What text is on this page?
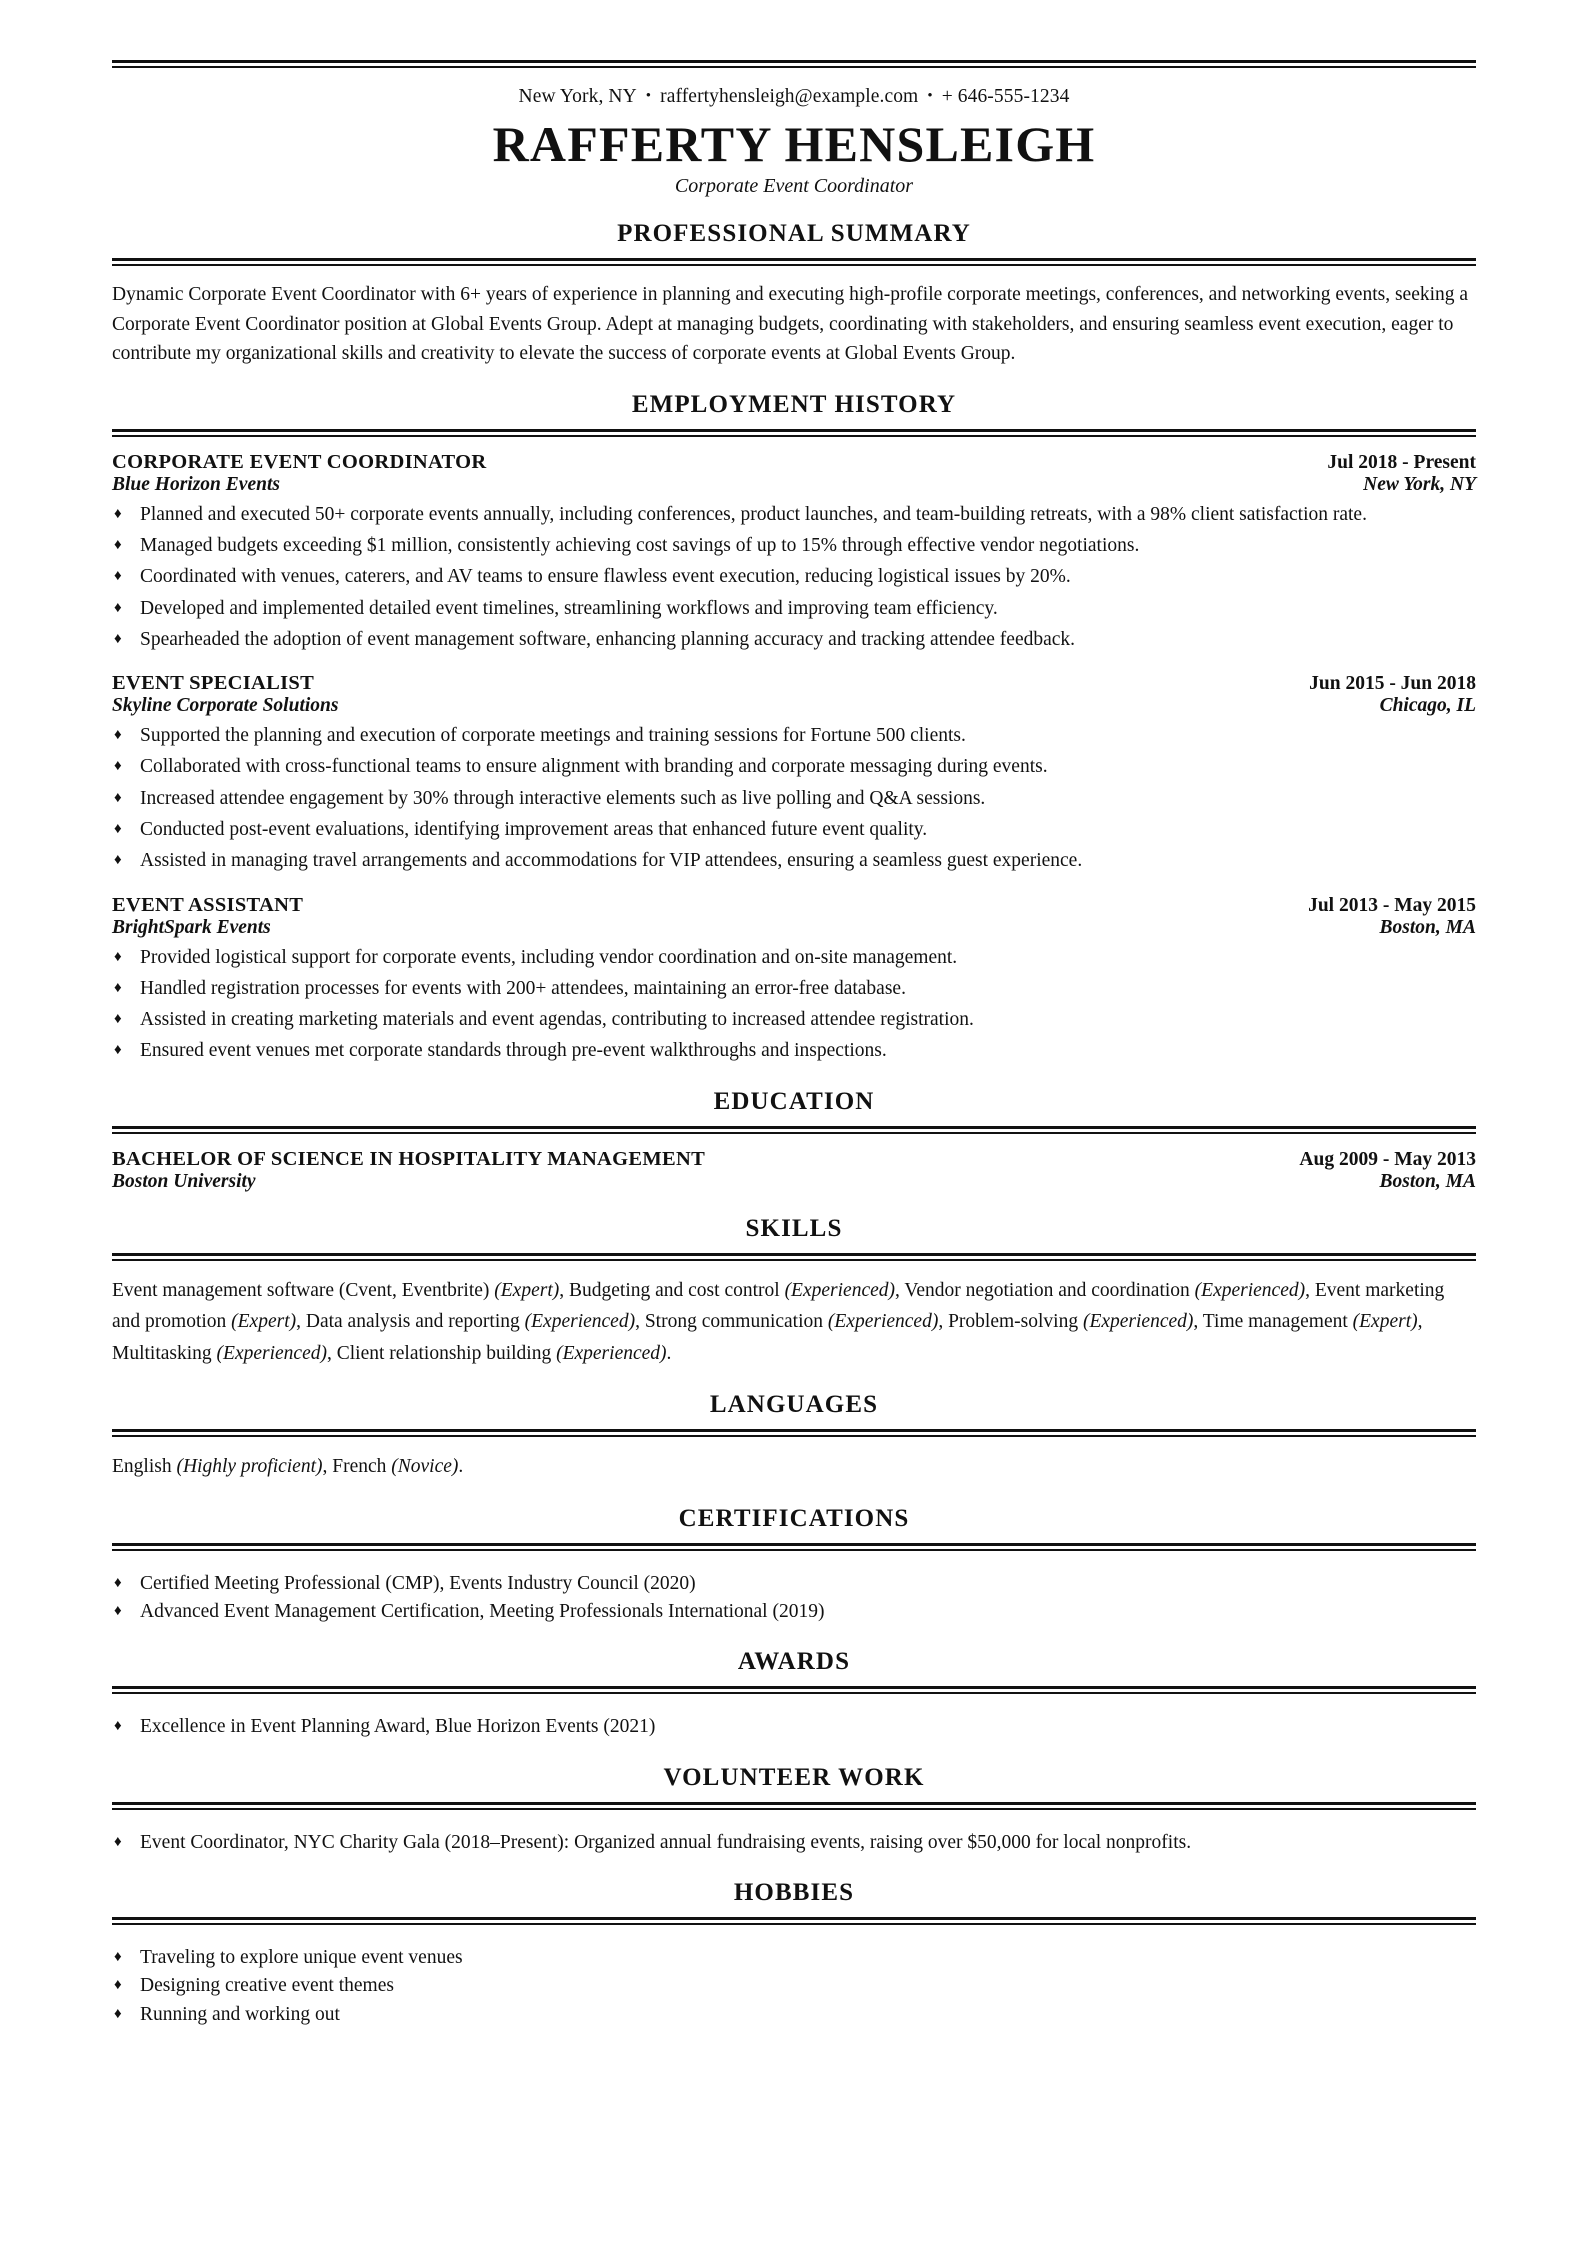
New York, NY • raffertyhensleigh@example.com • + 646-555-1234
RAFFERTY HENSLEIGH
Corporate Event Coordinator
PROFESSIONAL SUMMARY

Dynamic Corporate Event Coordinator with 6+ years of experience in planning and executing high-profile corporate meetings, conferences, and networking events, seeking a Corporate Event Coordinator position at Global Events Group. Adept at managing budgets, coordinating with stakeholders, and ensuring seamless event execution, eager to contribute my organizational skills and creativity to elevate the success of corporate events at Global Events Group.

EMPLOYMENT HISTORY
CORPORATE EVENT COORDINATOR	Jul 2018 - Present
Blue Horizon Events	New York, NY
♦ Planned and executed 50+ corporate events annually, including conferences, product launches, and team-building retreats, with a 98% client satisfaction rate.
♦ Managed budgets exceeding $1 million, consistently achieving cost savings of up to 15% through effective vendor negotiations.
♦ Coordinated with venues, caterers, and AV teams to ensure flawless event execution, reducing logistical issues by 20%.
♦ Developed and implemented detailed event timelines, streamlining workflows and improving team efficiency.
♦ Spearheaded the adoption of event management software, enhancing planning accuracy and tracking attendee feedback.
EVENT SPECIALIST	Jun 2015 - Jun 2018
Skyline Corporate Solutions	Chicago, IL
♦ Supported the planning and execution of corporate meetings and training sessions for Fortune 500 clients.
♦ Collaborated with cross-functional teams to ensure alignment with branding and corporate messaging during events.
♦ Increased attendee engagement by 30% through interactive elements such as live polling and Q&A sessions.
♦ Conducted post-event evaluations, identifying improvement areas that enhanced future event quality.
♦ Assisted in managing travel arrangements and accommodations for VIP attendees, ensuring a seamless guest experience.
EVENT ASSISTANT	Jul 2013 - May 2015
BrightSpark Events	Boston, MA
♦ Provided logistical support for corporate events, including vendor coordination and on-site management.
♦ Handled registration processes for events with 200+ attendees, maintaining an error-free database.
♦ Assisted in creating marketing materials and event agendas, contributing to increased attendee registration.
♦ Ensured event venues met corporate standards through pre-event walkthroughs and inspections.
EDUCATION
BACHELOR OF SCIENCE IN HOSPITALITY MANAGEMENT	Aug 2009 - May 2013
Boston University	Boston, MA
SKILLS

Event management software (Cvent, Eventbrite) (Expert), Budgeting and cost control (Experienced), Vendor negotiation and coordination (Experienced), Event marketing and promotion (Expert), Data analysis and reporting (Experienced), Strong communication (Experienced), Problem-solving (Experienced), Time management (Expert), Multitasking (Experienced), Client relationship building (Experienced).

LANGUAGES

English (Highly proficient), French (Novice).

CERTIFICATIONS
♦ Certified Meeting Professional (CMP), Events Industry Council (2020)
♦ Advanced Event Management Certification, Meeting Professionals International (2019)
AWARDS
♦ Excellence in Event Planning Award, Blue Horizon Events (2021)
VOLUNTEER WORK
♦ Event Coordinator, NYC Charity Gala (2018–Present): Organized annual fundraising events, raising over $50,000 for local nonprofits.
HOBBIES
♦ Traveling to explore unique event venues
♦ Designing creative event themes
♦ Running and working out
